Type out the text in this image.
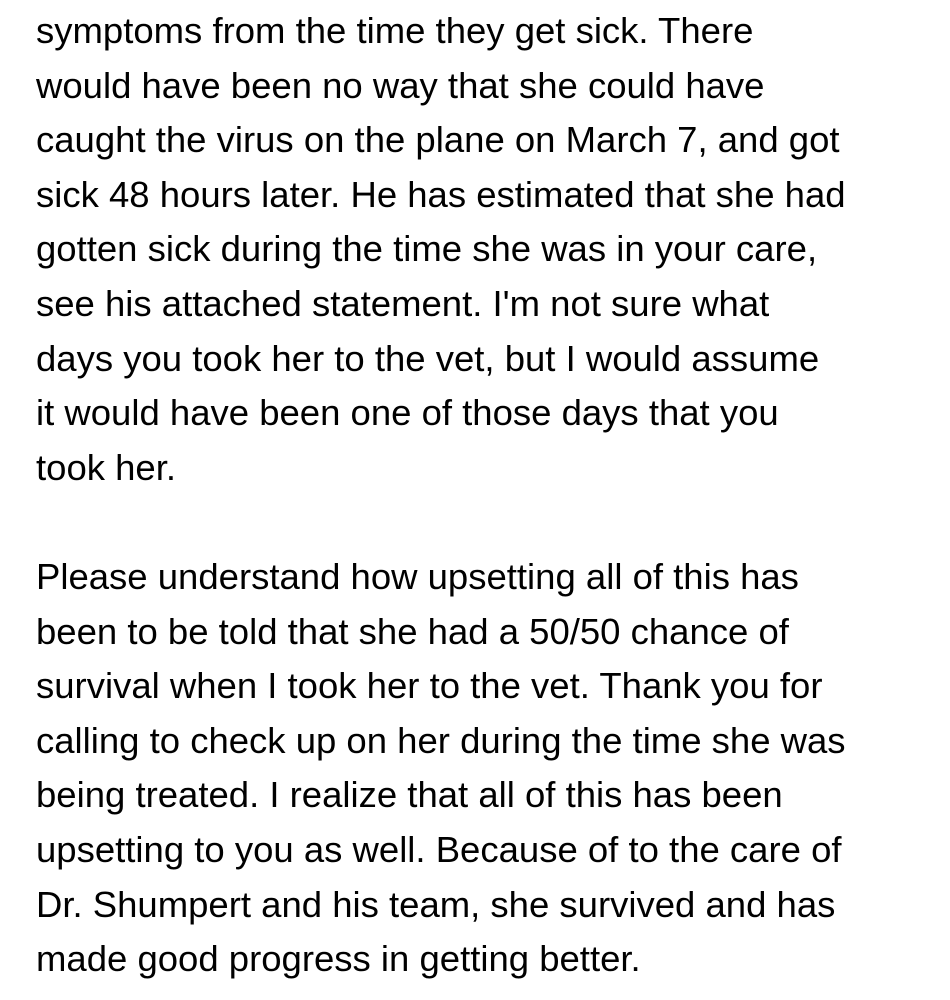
symptoms from the time they get sick. There
would have been no way that she could have
caught the virus on the plane on March 7, and got
sick 48 hours later. He has estimated that she had
gotten sick during the time she was in your care,
see his attached statement. I'm not sure what
days you took her to the vet, but I would assume
it would have been one of those days that you
took her.
Please understand how upsetting all of this has
been to be told that she had a 50/50 chance of
survival when I took her to the vet. Thank you for
calling to check up on her during the time she was
being treated. I realize that all of this has been
upsetting to you as well. Because of to the care of
Dr. Shumpert and his team, she survived and has
made good progress in getting better.
